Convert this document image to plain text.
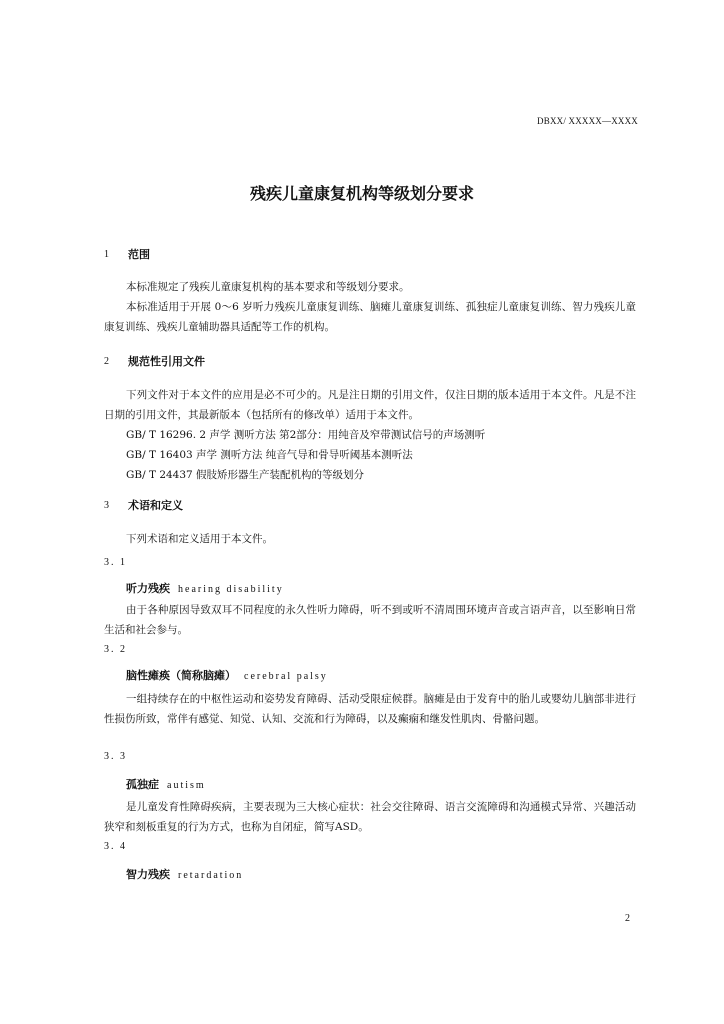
DBXX/ XXXXX—XXXX
残疾儿童康复机构等级划分要求
1 范围
本标准规定了残疾儿童康复机构的基本要求和等级划分要求。
本标准适用于开展 0～6 岁听力残疾儿童康复训练、脑瘫儿童康复训练、孤独症儿童康复训练、智力残疾儿童康复训练、残疾儿童辅助器具适配等工作的机构。
2 规范性引用文件
下列文件对于本文件的应用是必不可少的。凡是注日期的引用文件，仅注日期的版本适用于本文件。凡是不注日期的引用文件，其最新版本（包括所有的修改单）适用于本文件。
GB/ T 16296. 2 声学 测听方法 第2部分：用纯音及窄带测试信号的声场测听
GB/ T 16403 声学 测听方法 纯音气导和骨导听阈基本测听法
GB/ T 24437 假肢矫形器生产装配机构的等级划分
3 术语和定义
下列术语和定义适用于本文件。
3. 1
听力残疾 hearing disability
由于各种原因导致双耳不同程度的永久性听力障碍，听不到或听不清周围环境声音或言语声音，以至影响日常生活和社会参与。
3. 2
脑性瘫痪（简称脑瘫） cerebral palsy
一组持续存在的中枢性运动和姿势发育障碍、活动受限症候群。脑瘫是由于发育中的胎儿或婴幼儿脑部非进行性损伤所致，常伴有感觉、知觉、认知、交流和行为障碍，以及癫痫和继发性肌肉、骨骼问题。
3. 3
孤独症 autism
是儿童发育性障碍疾病，主要表现为三大核心症状：社会交往障碍、语言交流障碍和沟通模式异常、兴趣活动狭窄和刻板重复的行为方式，也称为自闭症，简写ASD。
3. 4
智力残疾 retardation
2
